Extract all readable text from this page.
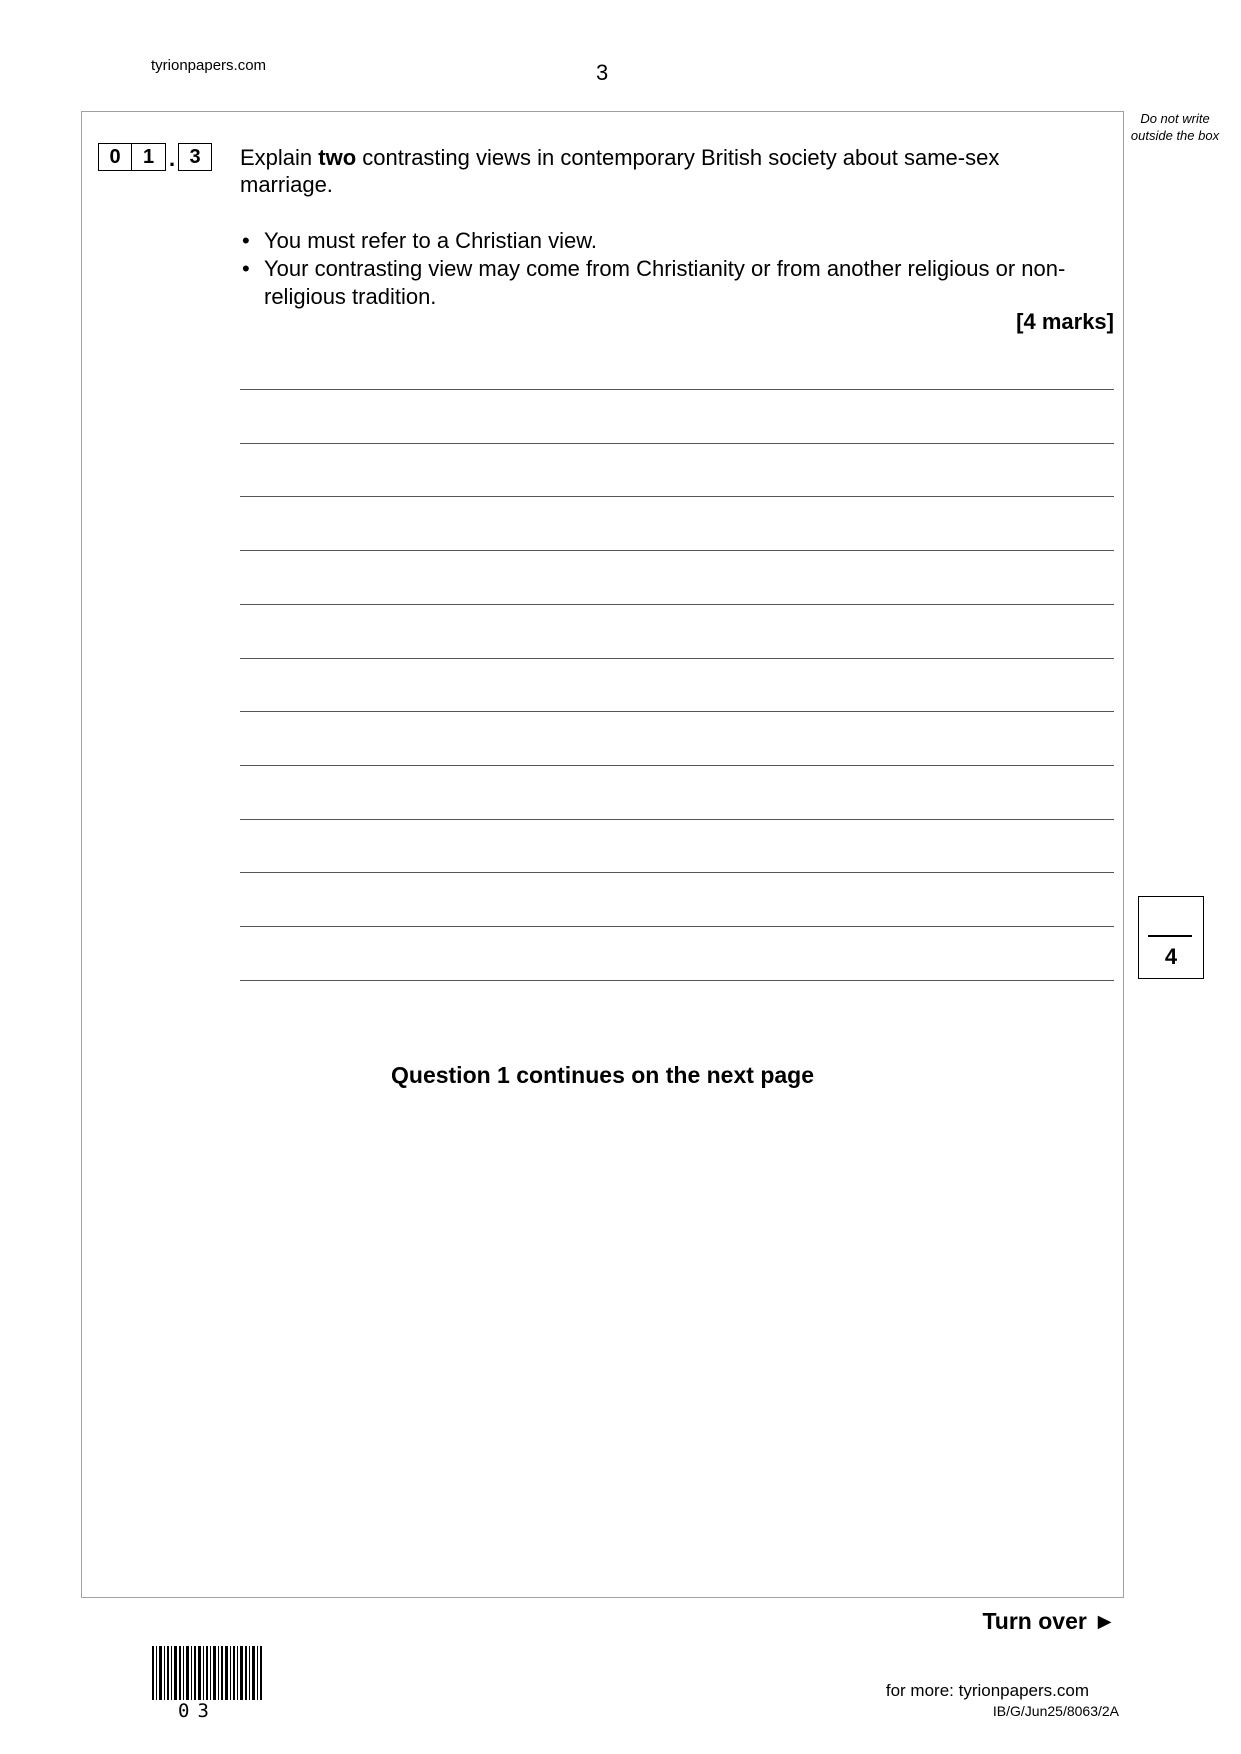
tyrionpapers.com	3
Do not write outside the box
0	1 . 3	Explain two contrasting views in contemporary British society about same-sex marriage.
• You must refer to a Christian view.
• Your contrasting view may come from Christianity or from another religious or non-religious tradition.
[4 marks]
4
Question 1 continues on the next page
Turn over ►
03
for more: tyrionpapers.com
IB/G/Jun25/8063/2A
